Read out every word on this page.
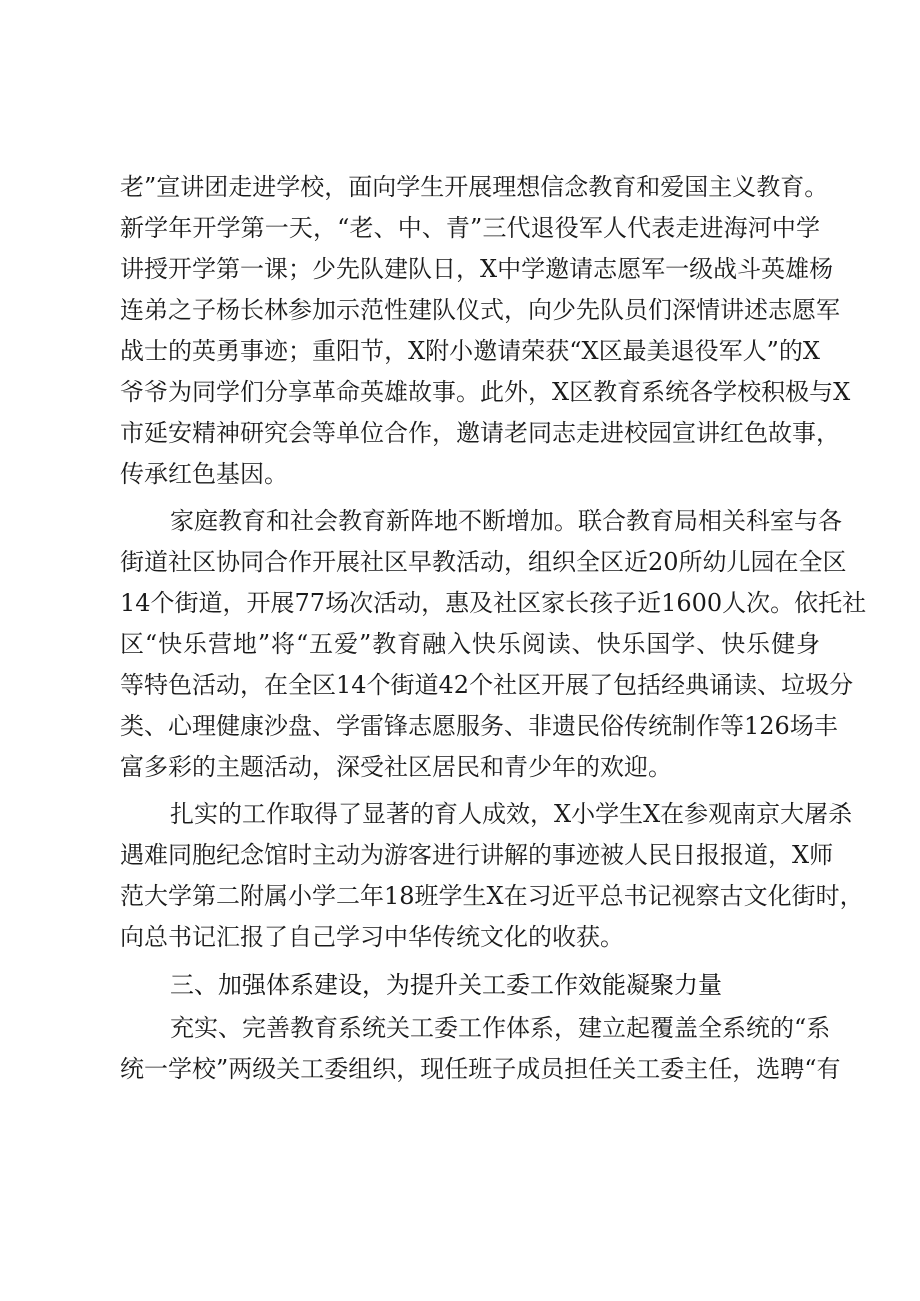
老”宣讲团走进学校，面向学生开展理想信念教育和爱国主义教育。
新学年开学第一天，“老、中、青”三代退役军人代表走进海河中学
讲授开学第一课；少先队建队日，X中学邀请志愿军一级战斗英雄杨
连弟之子杨长林参加示范性建队仪式，向少先队员们深情讲述志愿军
战士的英勇事迹；重阳节，X附小邀请荣获“X区最美退役军人”的X
爷爷为同学们分享革命英雄故事。此外，X区教育系统各学校积极与X
市延安精神研究会等单位合作，邀请老同志走进校园宣讲红色故事，
传承红色基因。
家庭教育和社会教育新阵地不断增加。联合教育局相关科室与各
街道社区协同合作开展社区早教活动，组织全区近20所幼儿园在全区
14个街道，开展77场次活动，惠及社区家长孩子近1600人次。依托社
区“快乐营地”将“五爱”教育融入快乐阅读、快乐国学、快乐健身
等特色活动，在全区14个街道42个社区开展了包括经典诵读、垃圾分
类、心理健康沙盘、学雷锋志愿服务、非遗民俗传统制作等126场丰
富多彩的主题活动，深受社区居民和青少年的欢迎。
扎实的工作取得了显著的育人成效，X小学生X在参观南京大屠杀
遇难同胞纪念馆时主动为游客进行讲解的事迹被人民日报报道，X师
范大学第二附属小学二年18班学生X在习近平总书记视察古文化街时，
向总书记汇报了自己学习中华传统文化的收获。
三、加强体系建设，为提升关工委工作效能凝聚力量
充实、完善教育系统关工委工作体系，建立起覆盖全系统的“系
统一学校”两级关工委组织，现任班子成员担任关工委主任，选聘“有
